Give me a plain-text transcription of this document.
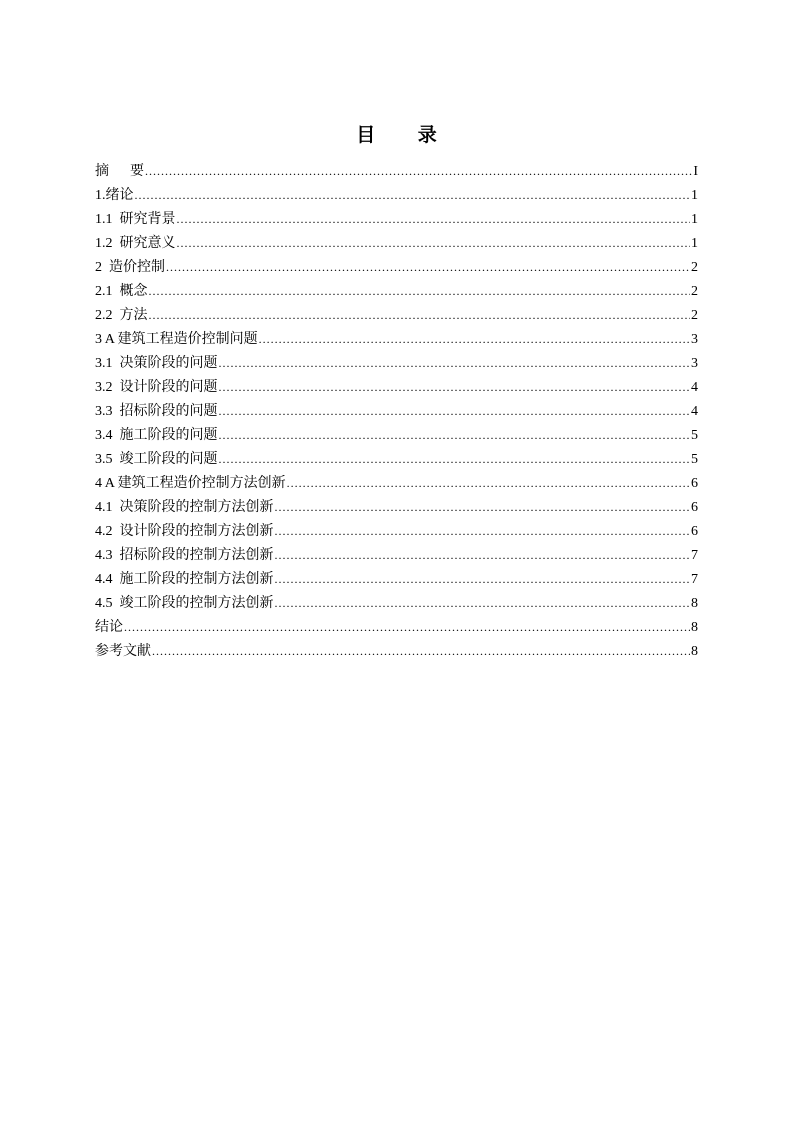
目 录
摘      要 .....	I
1.绪论 .....	1
1.1  研究背景 .....	1
1.2  研究意义 .....	1
2  造价控制 .....	2
2.1  概念 .....	2
2.2  方法 .....	2
3 A 建筑工程造价控制问题 .....	3
3.1  决策阶段的问题 .....	3
3.2  设计阶段的问题 .....	4
3.3  招标阶段的问题 .....	4
3.4  施工阶段的问题 .....	5
3.5  竣工阶段的问题 .....	5
4 A 建筑工程造价控制方法创新 .....	6
4.1  决策阶段的控制方法创新 .....	6
4.2  设计阶段的控制方法创新 .....	6
4.3  招标阶段的控制方法创新 .....	7
4.4  施工阶段的控制方法创新 .....	7
4.5  竣工阶段的控制方法创新 .....	8
结论 .....	8
参考文献 .....	8
